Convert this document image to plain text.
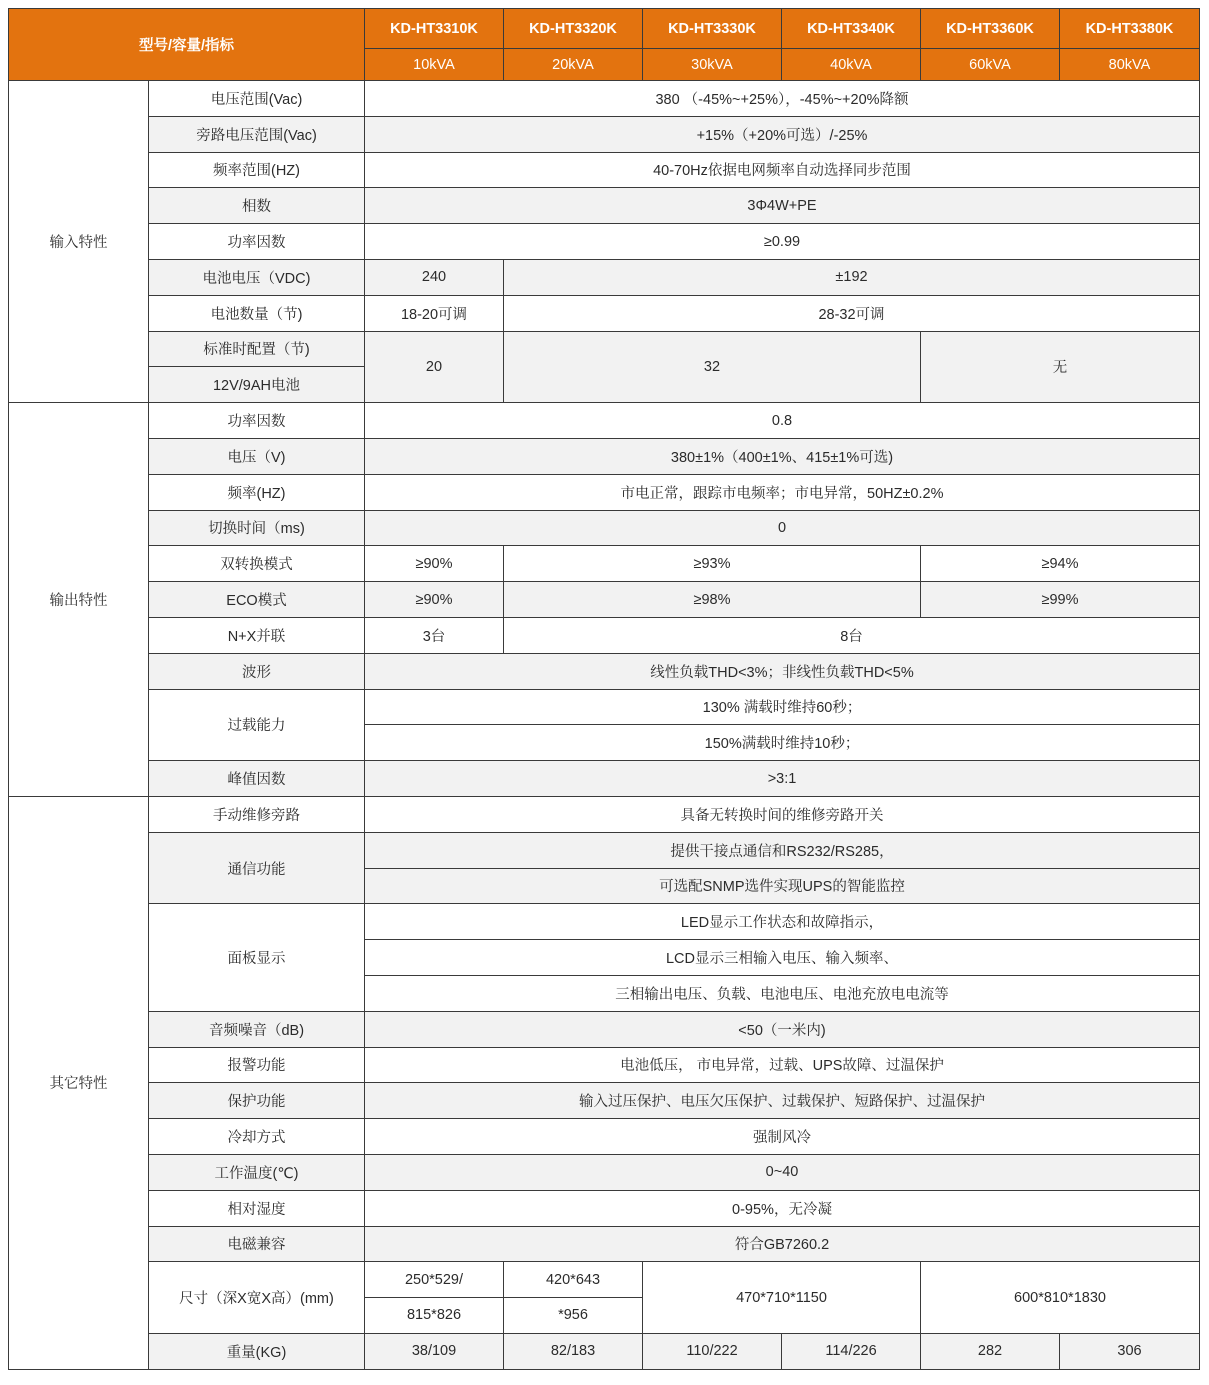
型号/容量/指标		KD-HT3310K	KD-HT3320K	KD-HT3330K	KD-HT3340K	KD-HT3360K	KD-HT3380K
		10kVA	20kVA	30kVA	40kVA	60kVA	80kVA
输入特性	电压范围(Vac)	380 （-45%~+25%），-45%~+20%降额					
	旁路电压范围(Vac)	+15%（+20%可选）/-25%					
	频率范围(HZ)	40-70Hz依据电网频率自动选择同步范围					
	相数	3Φ4W+PE					
	功率因数	≥0.99					
	电池电压（VDC)	240	±192				
	电池数量（节)	18-20可调	28-32可调				
	标准时配置（节)	20	32			无	
	12V/9AH电池						
输出特性	功率因数	0.8					
	电压（V)	380±1%（400±1%、415±1%可选)					
	频率(HZ)	市电正常，跟踪市电频率；市电异常，50HZ±0.2%					
	切换时间（ms)	0					
	双转换模式	≥90%	≥93%			≥94%	
	ECO模式	≥90%	≥98%			≥99%	
	N+X并联	3台	8台				
	波形	线性负载THD<3%；非线性负载THD<5%					
	过载能力	130% 满载时维持60秒；					
		150%满载时维持10秒；					
	峰值因数	>3:1					
其它特性	手动维修旁路	具备无转换时间的维修旁路开关					
	通信功能	提供干接点通信和RS232/RS285，					
		可选配SNMP选件实现UPS的智能监控					
	面板显示	LED显示工作状态和故障指示，					
		LCD显示三相输入电压、输入频率、					
		三相输出电压、负载、电池电压、电池充放电电流等					
	音频噪音（dB)	<50（一米内)					
	报警功能	电池低压， 市电异常，过载、UPS故障、过温保护					
	保护功能	输入过压保护、电压欠压保护、过载保护、短路保护、过温保护					
	冷却方式	强制风冷					
	工作温度(℃)	0~40					
	相对湿度	0-95%，无冷凝					
	电磁兼容	符合GB7260.2					
	尺寸（深X宽X高）(mm)	250*529/	420*643	470*710*1150		600*810*1830	
		815*826	*956				
	重量(KG)	38/109	82/183	110/222	114/226	282	306
